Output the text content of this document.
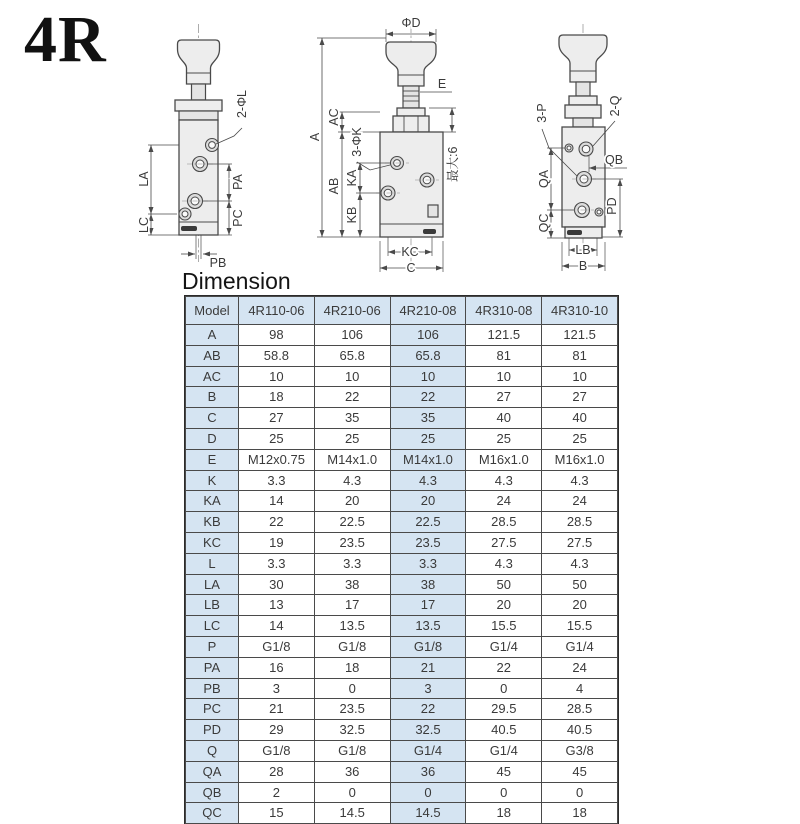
4R
2-ΦL
LA
LC
PA
PC
PB
ΦD
E
最大:6
A
AC
AB
3-ΦK
KA
KB
KC
C
3-P	2-Q
QB
QA
QC
PD
LB
B
Dimension
Model	4R110-06	4R210-06	4R210-08	4R310-08	4R310-10
A	98	106	106	121.5	121.5
AB	58.8	65.8	65.8	81	81
AC	10	10	10	10	10
B	18	22	22	27	27
C	27	35	35	40	40
D	25	25	25	25	25
E	M12x0.75	M14x1.0	M14x1.0	M16x1.0	M16x1.0
K	3.3	4.3	4.3	4.3	4.3
KA	14	20	20	24	24
KB	22	22.5	22.5	28.5	28.5
KC	19	23.5	23.5	27.5	27.5
L	3.3	3.3	3.3	4.3	4.3
LA	30	38	38	50	50
LB	13	17	17	20	20
LC	14	13.5	13.5	15.5	15.5
P	G1/8	G1/8	G1/8	G1/4	G1/4
PA	16	18	21	22	24
PB	3	0	3	0	4
PC	21	23.5	22	29.5	28.5
PD	29	32.5	32.5	40.5	40.5
Q	G1/8	G1/8	G1/4	G1/4	G3/8
QA	28	36	36	45	45
QB	2	0	0	0	0
QC	15	14.5	14.5	18	18
